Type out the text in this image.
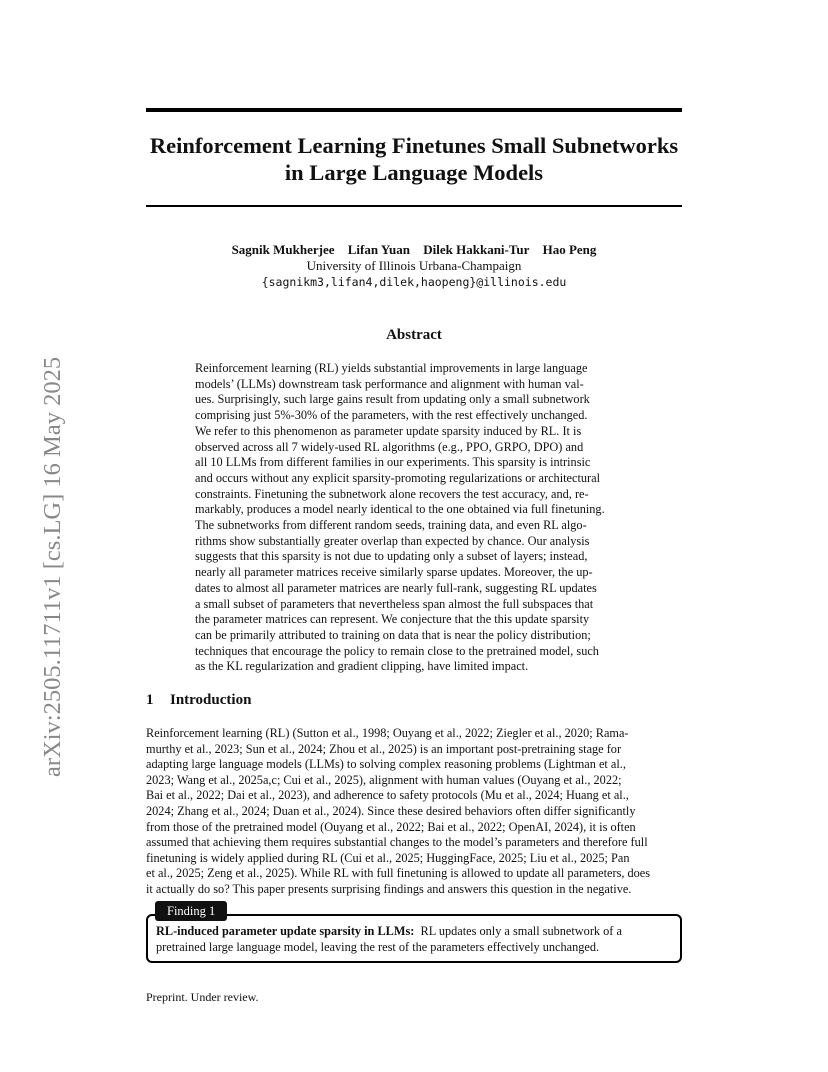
arXiv:2505.11711v1 [cs.LG] 16 May 2025
Reinforcement Learning Finetunes Small Subnetworks
in Large Language Models
Sagnik Mukherjee Lifan Yuan Dilek Hakkani-Tur Hao Peng
University of Illinois Urbana-Champaign
{sagnikm3,lifan4,dilek,haopeng}@illinois.edu
Abstract
Reinforcement learning (RL) yields substantial improvements in large language
models’ (LLMs) downstream task performance and alignment with human val-
ues. Surprisingly, such large gains result from updating only a small subnetwork
comprising just 5%-30% of the parameters, with the rest effectively unchanged.
We refer to this phenomenon as parameter update sparsity induced by RL. It is
observed across all 7 widely-used RL algorithms (e.g., PPO, GRPO, DPO) and
all 10 LLMs from different families in our experiments. This sparsity is intrinsic
and occurs without any explicit sparsity-promoting regularizations or architectural
constraints. Finetuning the subnetwork alone recovers the test accuracy, and, re-
markably, produces a model nearly identical to the one obtained via full finetuning.
The subnetworks from different random seeds, training data, and even RL algo-
rithms show substantially greater overlap than expected by chance. Our analysis
suggests that this sparsity is not due to updating only a subset of layers; instead,
nearly all parameter matrices receive similarly sparse updates. Moreover, the up-
dates to almost all parameter matrices are nearly full-rank, suggesting RL updates
a small subset of parameters that nevertheless span almost the full subspaces that
the parameter matrices can represent. We conjecture that the this update sparsity
can be primarily attributed to training on data that is near the policy distribution;
techniques that encourage the policy to remain close to the pretrained model, such
as the KL regularization and gradient clipping, have limited impact.
1 Introduction
Reinforcement learning (RL) (Sutton et al., 1998; Ouyang et al., 2022; Ziegler et al., 2020; Rama-
murthy et al., 2023; Sun et al., 2024; Zhou et al., 2025) is an important post-pretraining stage for
adapting large language models (LLMs) to solving complex reasoning problems (Lightman et al.,
2023; Wang et al., 2025a,c; Cui et al., 2025), alignment with human values (Ouyang et al., 2022;
Bai et al., 2022; Dai et al., 2023), and adherence to safety protocols (Mu et al., 2024; Huang et al.,
2024; Zhang et al., 2024; Duan et al., 2024). Since these desired behaviors often differ significantly
from those of the pretrained model (Ouyang et al., 2022; Bai et al., 2022; OpenAI, 2024), it is often
assumed that achieving them requires substantial changes to the model’s parameters and therefore full
finetuning is widely applied during RL (Cui et al., 2025; HuggingFace, 2025; Liu et al., 2025; Pan
et al., 2025; Zeng et al., 2025). While RL with full finetuning is allowed to update all parameters, does
it actually do so? This paper presents surprising findings and answers this question in the negative.
Finding 1
RL-induced parameter update sparsity in LLMs: RL updates only a small subnetwork of a
pretrained large language model, leaving the rest of the parameters effectively unchanged.
Preprint. Under review.
